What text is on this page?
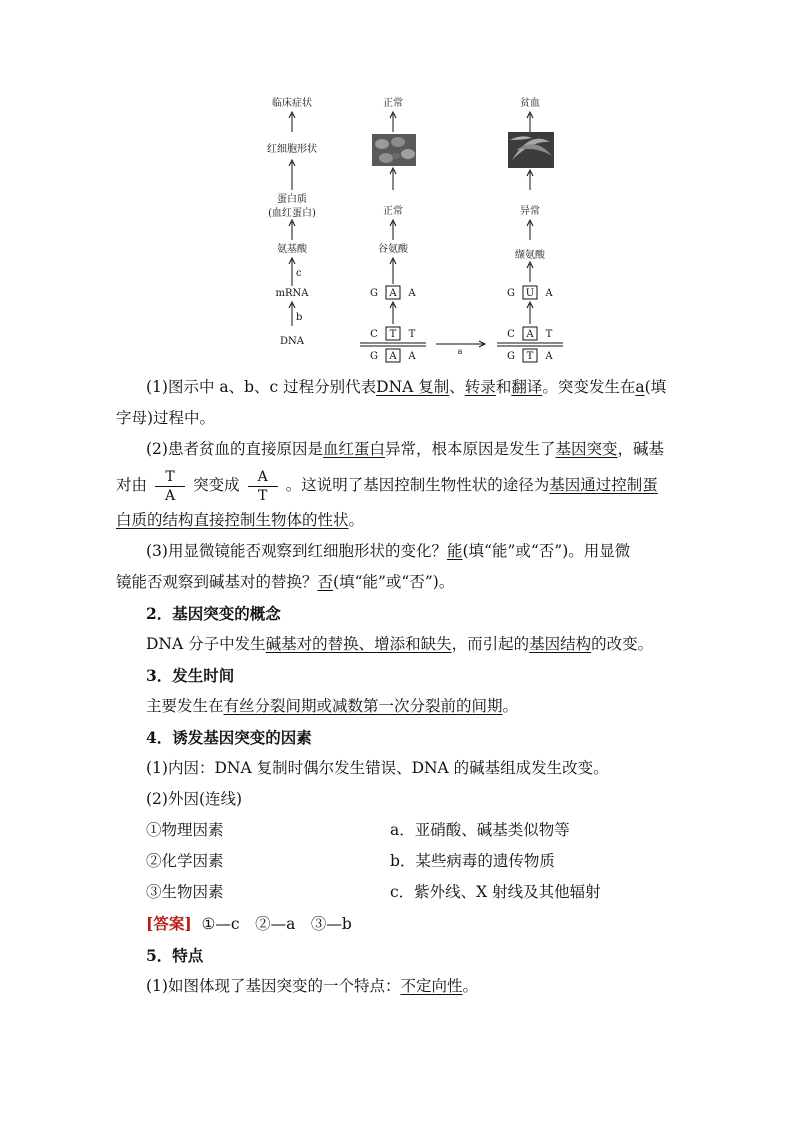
临床症状
红细胞形状
蛋白质
(血红蛋白)
氨基酸
c
mRNA
b
DNA
正常
正常
谷氨酸
G A A
C T T
G A A	a
贫血
异常
缬氨酸
G U A
C A T
G T A

(1)图示中 a、b、c 过程分别代表DNA 复制、转录和翻译。突变发生在a(填

字母)过程中。

(2)患者贫血的直接原因是血红蛋白异常，根本原因是发生了基因突变，碱基

对由 $\frac{T}{A}$ 突变成 $\frac{A}{T}$ 。这说明了基因控制生物性状的途径为基因通过控制蛋

白质的结构直接控制生物体的性状。

(3)用显微镜能否观察到红细胞形状的变化？能(填“能”或“否”)。用显微

镜能否观察到碱基对的替换？否(填“能”或“否”)。

2．基因突变的概念

DNA 分子中发生碱基对的替换、增添和缺失，而引起的基因结构的改变。

3．发生时间

主要发生在有丝分裂间期或减数第一次分裂前的间期。

4．诱发基因突变的因素

(1)内因：DNA 复制时偶尔发生错误、DNA 的碱基组成发生改变。

(2)外因(连线)

①物理因素	a．亚硝酸、碱基类似物等
②化学因素	b．某些病毒的遗传物质
③生物因素	c．紫外线、X 射线及其他辐射

[答案] ①—c　②—a　③—b

5．特点

(1)如图体现了基因突变的一个特点：不定向性。
